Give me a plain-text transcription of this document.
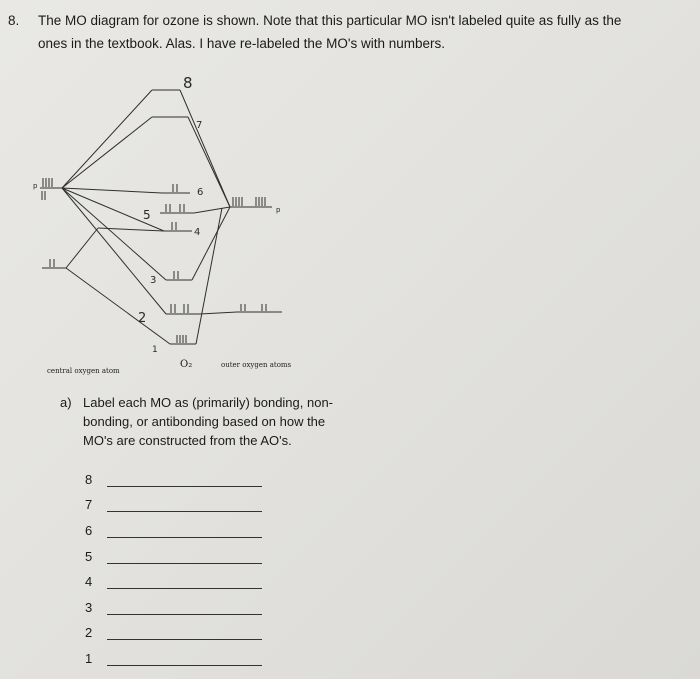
8. The MO diagram for ozone is shown. Note that this particular MO isn't labeled quite as fully as the
ones in the textbook. Alas. I have re-labeled the MO's with numbers.
8
7
6
5
4
3
2
1
p
p
central oxygen atom
O₂	outer oxygen atoms
a) Label each MO as (primarily) bonding, non-bonding, or antibonding based on how the MO's are constructed from the AO's.
8
7
6
5
4
3
2
1
